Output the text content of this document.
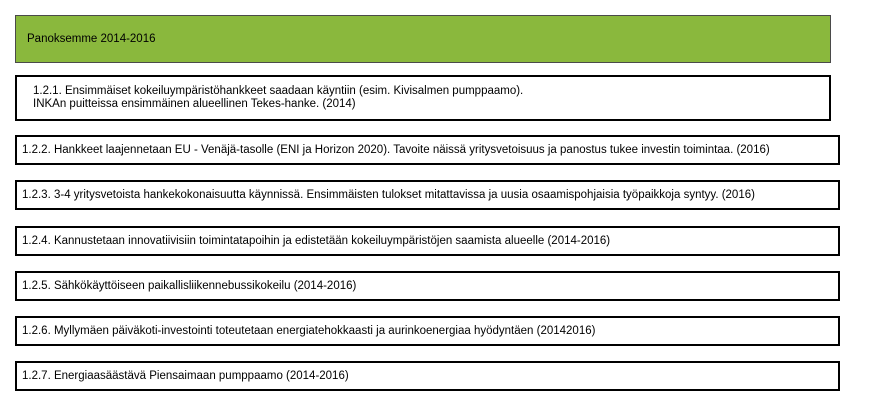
Panoksemme 2014-2016
1.2.1. Ensimmäiset kokeiluympäristöhankkeet saadaan käyntiin (esim. Kivisalmen pumppaamo).
INKAn puitteissa ensimmäinen alueellinen Tekes-hanke. (2014)
1.2.2. Hankkeet laajennetaan EU - Venäjä-tasolle (ENI ja Horizon 2020). Tavoite näissä yritysvetoisuus ja panostus tukee investin toimintaa. (2016)
1.2.3. 3-4 yritysvetoista hankekokonaisuutta käynnissä. Ensimmäisten tulokset mitattavissa ja uusia osaamispohjaisia työpaikkoja syntyy. (2016)
1.2.4. Kannustetaan innovatiivisiin toimintatapoihin ja edistetään kokeiluympäristöjen saamista alueelle (2014-2016)
1.2.5. Sähkökäyttöiseen paikallisliikennebussikokeilu (2014-2016)
1.2.6. Myllymäen päiväkoti-investointi toteutetaan energiatehokkaasti ja aurinkoenergiaa hyödyntäen (20142016)
1.2.7. Energiaasäästävä Piensaimaan pumppaamo (2014-2016)
